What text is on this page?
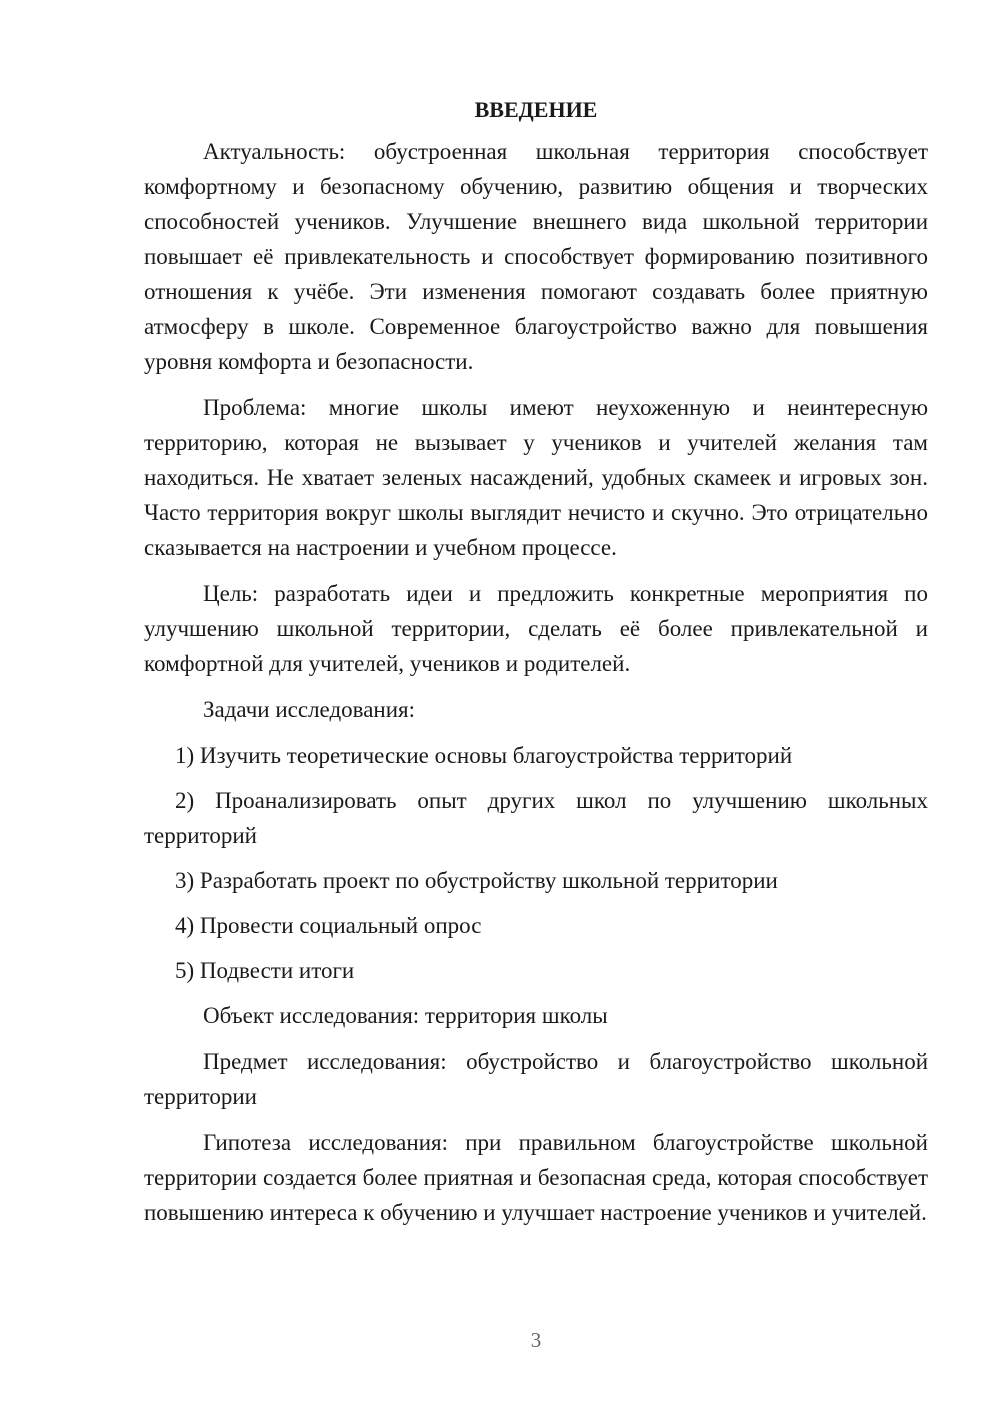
ВВЕДЕНИЕ

Актуальность: обустроенная школьная территория способствует комфортному и безопасному обучению, развитию общения и творческих способностей учеников. Улучшение внешнего вида школьной территории повышает её привлекательность и способствует формированию позитивного отношения к учёбе. Эти изменения помогают создавать более приятную атмосферу в школе. Современное благоустройство важно для повышения уровня комфорта и безопасности.

Проблема: многие школы имеют неухоженную и неинтересную территорию, которая не вызывает у учеников и учителей желания там находиться. Не хватает зеленых насаждений, удобных скамеек и игровых зон. Часто территория вокруг школы выглядит нечисто и скучно. Это отрицательно сказывается на настроении и учебном процессе.

Цель: разработать идеи и предложить конкретные мероприятия по улучшению школьной территории, сделать её более привлекательной и комфортной для учителей, учеников и родителей.

Задачи исследования:

1) Изучить теоретические основы благоустройства территорий

2) Проанализировать опыт других школ по улучшению школьных территорий

3) Разработать проект по обустройству школьной территории

4) Провести социальный опрос

5) Подвести итоги

Объект исследования: территория школы

Предмет исследования: обустройство и благоустройство школьной территории

Гипотеза исследования: при правильном благоустройстве школьной территории создается более приятная и безопасная среда, которая способствует повышению интереса к обучению и улучшает настроение учеников и учителей.

3
